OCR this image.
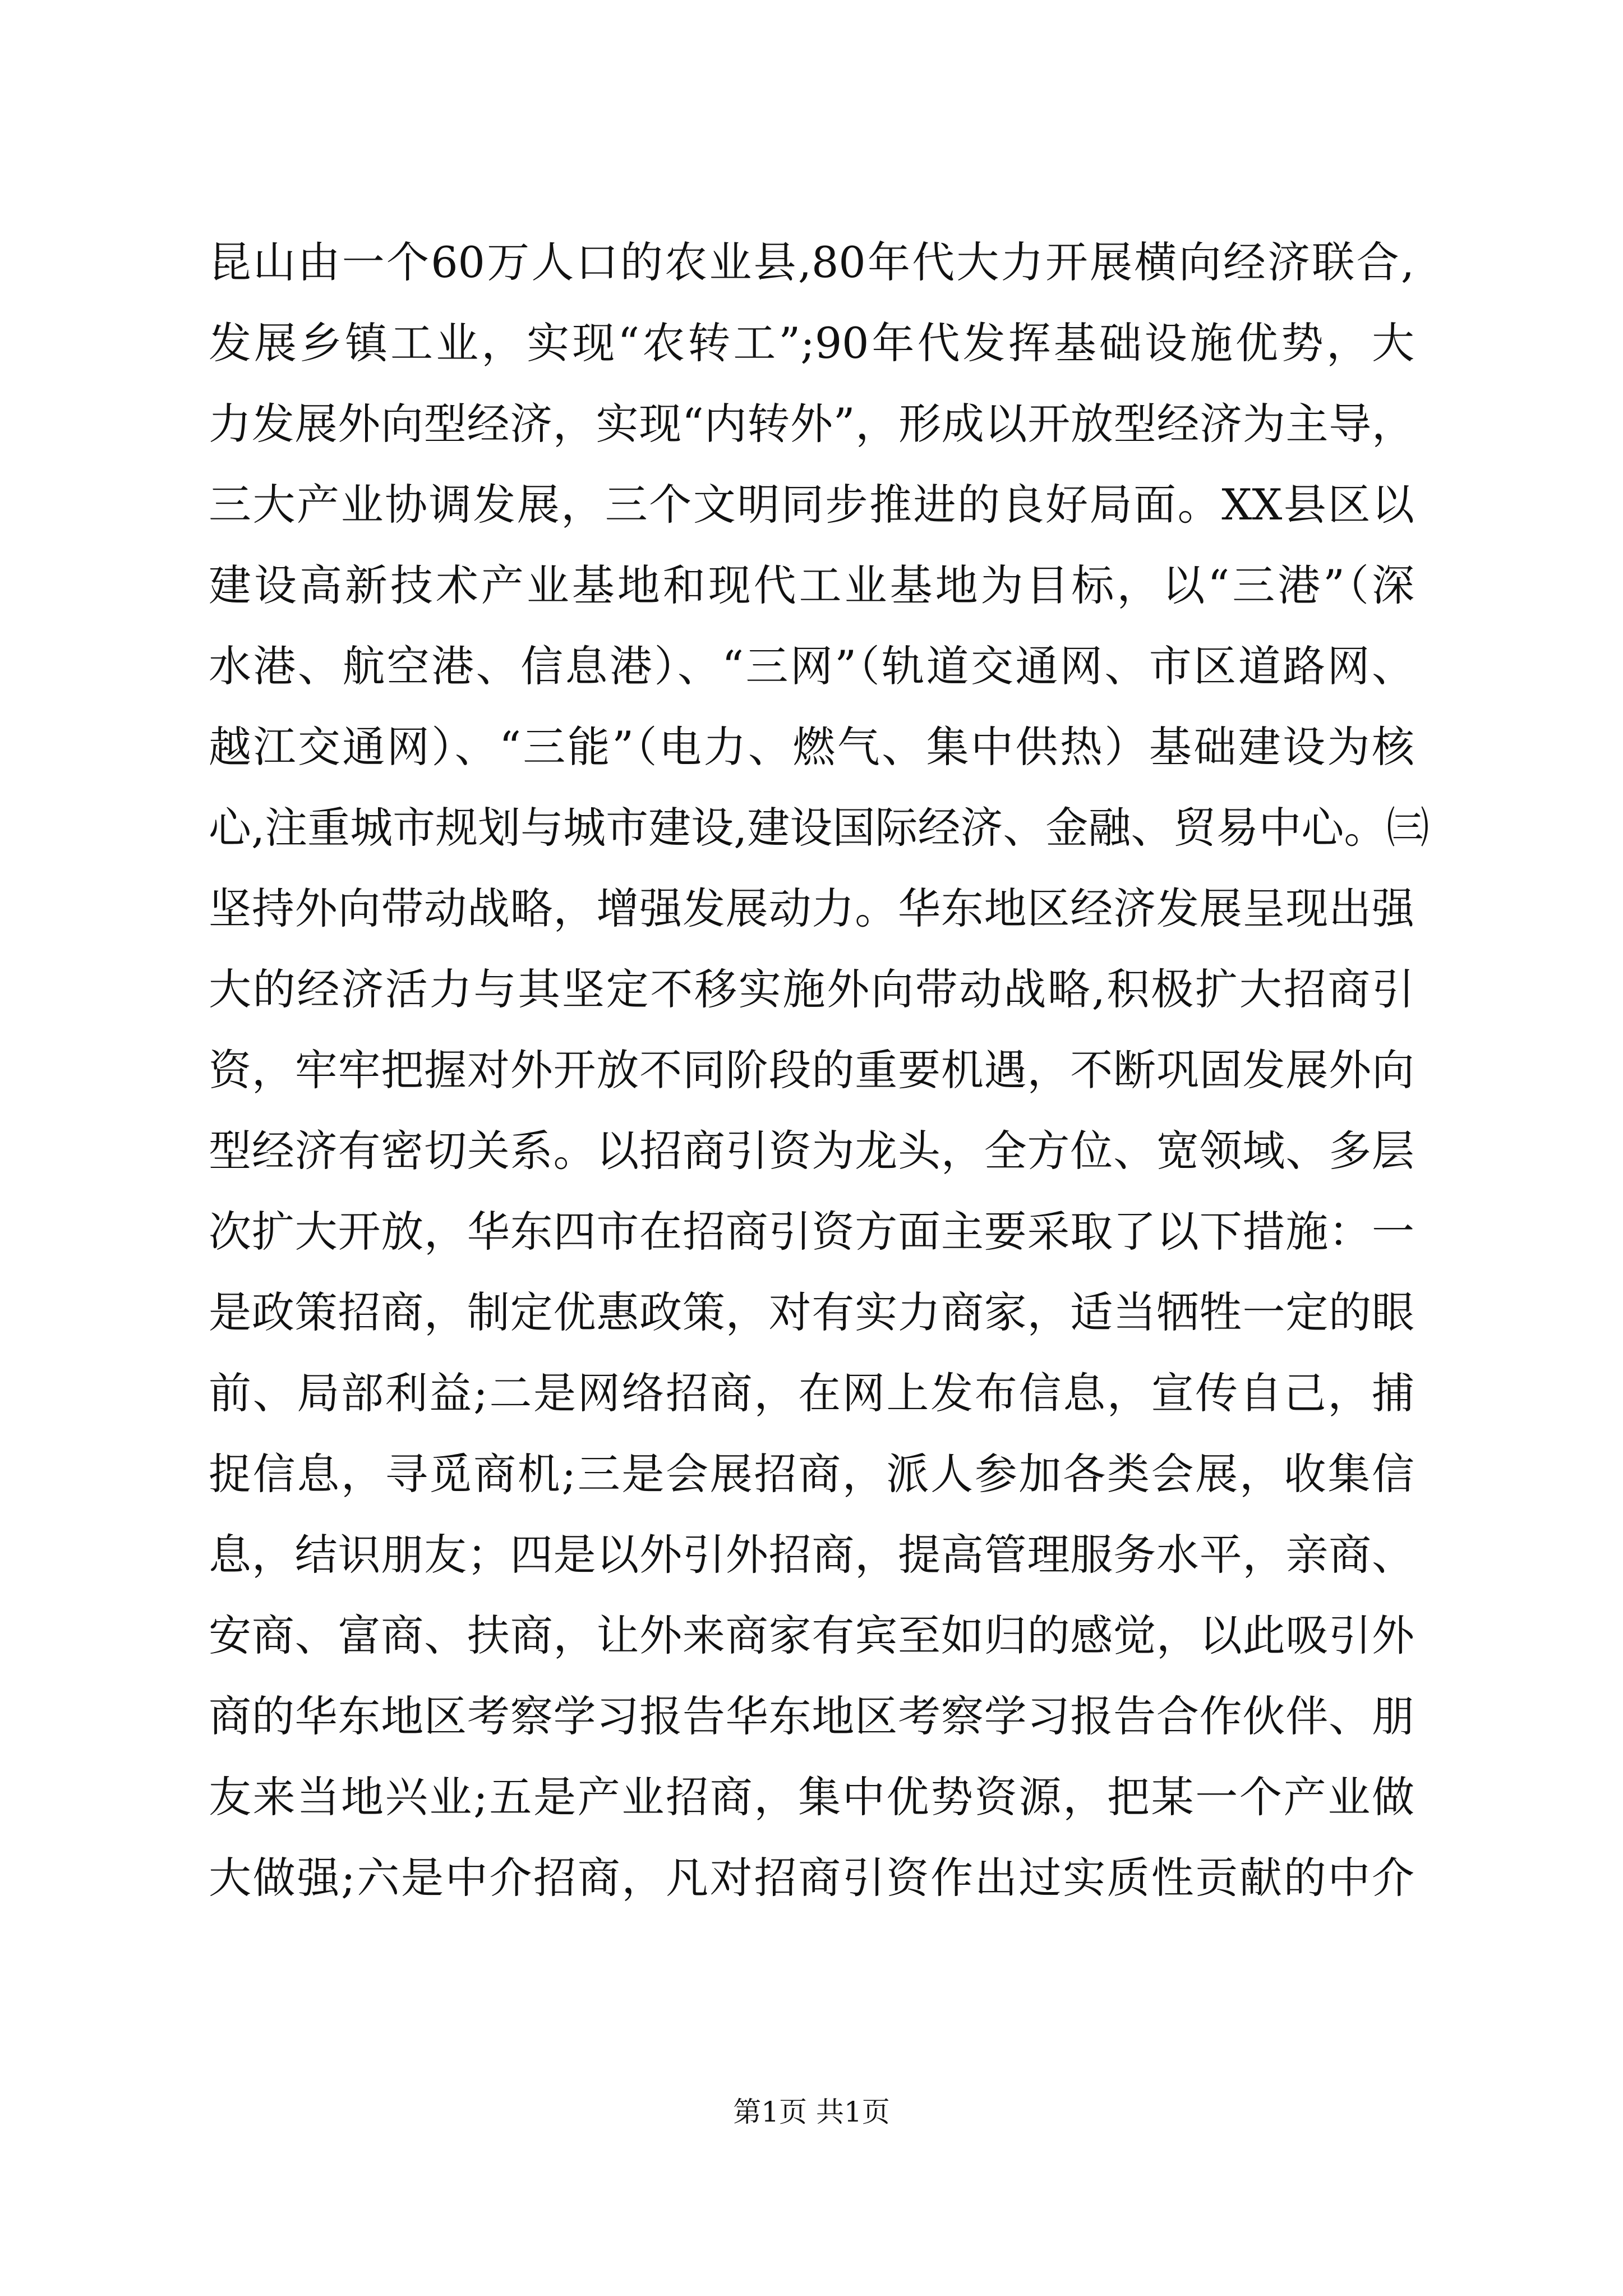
昆山由一个60万人口的农业县,80年代大力开展横向经济联合,
发展乡镇工业，实现“农转工”;90年代发挥基础设施优势，大
力发展外向型经济，实现“内转外”，形成以开放型经济为主导，
三大产业协调发展，三个文明同步推进的良好局面。XX县区以
建设高新技术产业基地和现代工业基地为目标，以“三港”（深
水港、航空港、信息港）、“三网”（轨道交通网、市区道路网、
越江交通网）、“三能”（电力、燃气、集中供热）基础建设为核
心,注重城市规划与城市建设,建设国际经济、金融、贸易中心。㈢
坚持外向带动战略，增强发展动力。华东地区经济发展呈现出强
大的经济活力与其坚定不移实施外向带动战略,积极扩大招商引
资，牢牢把握对外开放不同阶段的重要机遇，不断巩固发展外向
型经济有密切关系。以招商引资为龙头，全方位、宽领域、多层
次扩大开放，华东四市在招商引资方面主要采取了以下措施：一
是政策招商，制定优惠政策，对有实力商家，适当牺牲一定的眼
前、局部利益;二是网络招商，在网上发布信息，宣传自己，捕
捉信息，寻觅商机;三是会展招商，派人参加各类会展，收集信
息，结识朋友；四是以外引外招商，提高管理服务水平，亲商、
安商、富商、扶商，让外来商家有宾至如归的感觉，以此吸引外
商的华东地区考察学习报告华东地区考察学习报告合作伙伴、朋
友来当地兴业;五是产业招商，集中优势资源，把某一个产业做
大做强;六是中介招商，凡对招商引资作出过实质性贡献的中介
第1页 共1页
